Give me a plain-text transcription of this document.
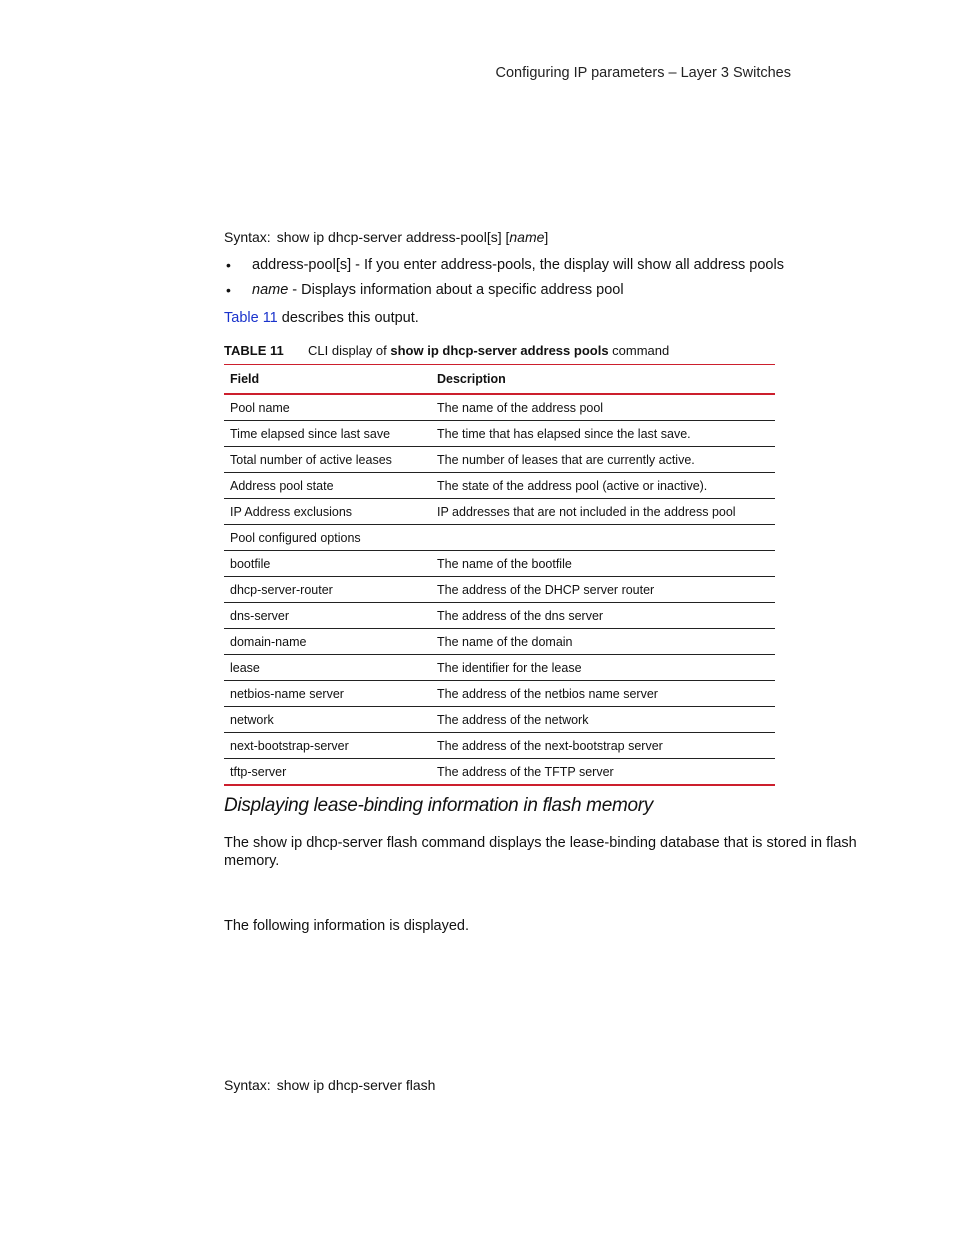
Configuring IP parameters – Layer 3 Switches
Syntax: show ip dhcp-server address-pool[s] [name]
• address-pool[s] - If you enter address-pools, the display will show all address pools
• name - Displays information about a specific address pool
Table 11 describes this output.
TABLE 11 CLI display of show ip dhcp-server address pools command
Field	Description
Pool name	The name of the address pool
Time elapsed since last save	The time that has elapsed since the last save.
Total number of active leases	The number of leases that are currently active.
Address pool state	The state of the address pool (active or inactive).
IP Address exclusions	IP addresses that are not included in the address pool
Pool configured options	
bootfile	The name of the bootfile
dhcp-server-router	The address of the DHCP server router
dns-server	The address of the dns server
domain-name	The name of the domain
lease	The identifier for the lease
netbios-name server	The address of the netbios name server
network	The address of the network
next-bootstrap-server	The address of the next-bootstrap server
tftp-server	The address of the TFTP server
Displaying lease-binding information in flash memory
The show ip dhcp-server flash command displays the lease-binding database that is stored in flash memory.
The following information is displayed.
Syntax: show ip dhcp-server flash
